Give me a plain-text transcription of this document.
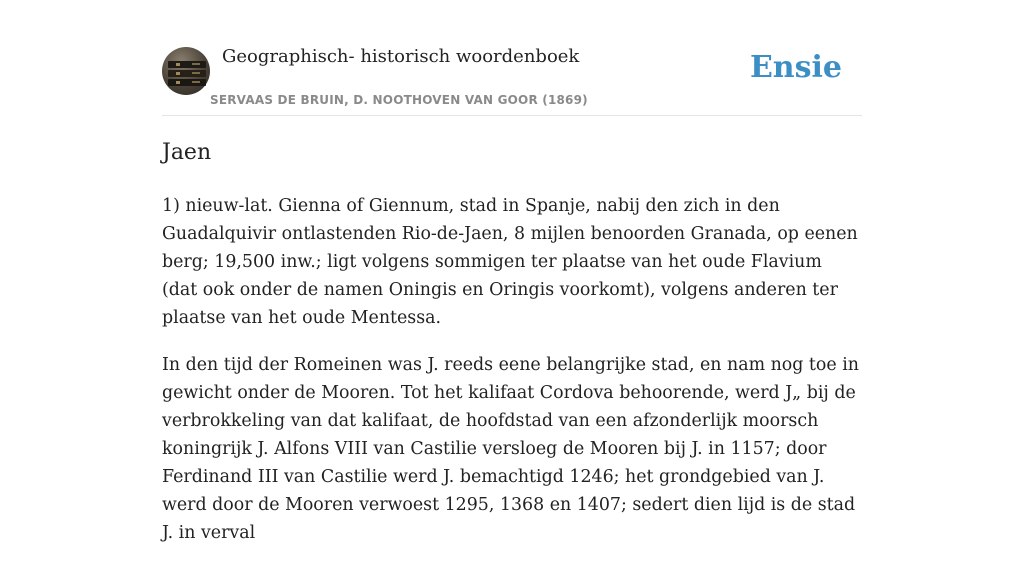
Geographisch- historisch woordenboek
SERVAAS DE BRUIN, D. NOOTHOVEN VAN GOOR (1869)
Ensie
Jaen

1) nieuw-lat. Gienna of Giennum, stad in Spanje, nabij den zich in den Guadalquivir ontlastenden Rio-de-Jaen, 8 mijlen benoorden Granada, op eenen berg; 19,500 inw.; ligt volgens sommigen ter plaatse van het oude Flavium (dat ook onder de namen Oningis en Oringis voorkomt), volgens anderen ter plaatse van het oude Mentessa.

In den tijd der Romeinen was J. reeds eene belangrijke stad, en nam nog toe in gewicht onder de Mooren. Tot het kalifaat Cordova behoorende, werd J„ bij de verbrokkeling van dat kalifaat, de hoofdstad van een afzonderlijk moorsch koningrijk J. Alfons VIII van Castilie versloeg de Mooren bij J. in 1157; door Ferdinand III van Castilie werd J. bemachtigd 1246; het grondgebied van J. werd door de Mooren verwoest 1295, 1368 en 1407; sedert dien lijd is de stad J. in verval
